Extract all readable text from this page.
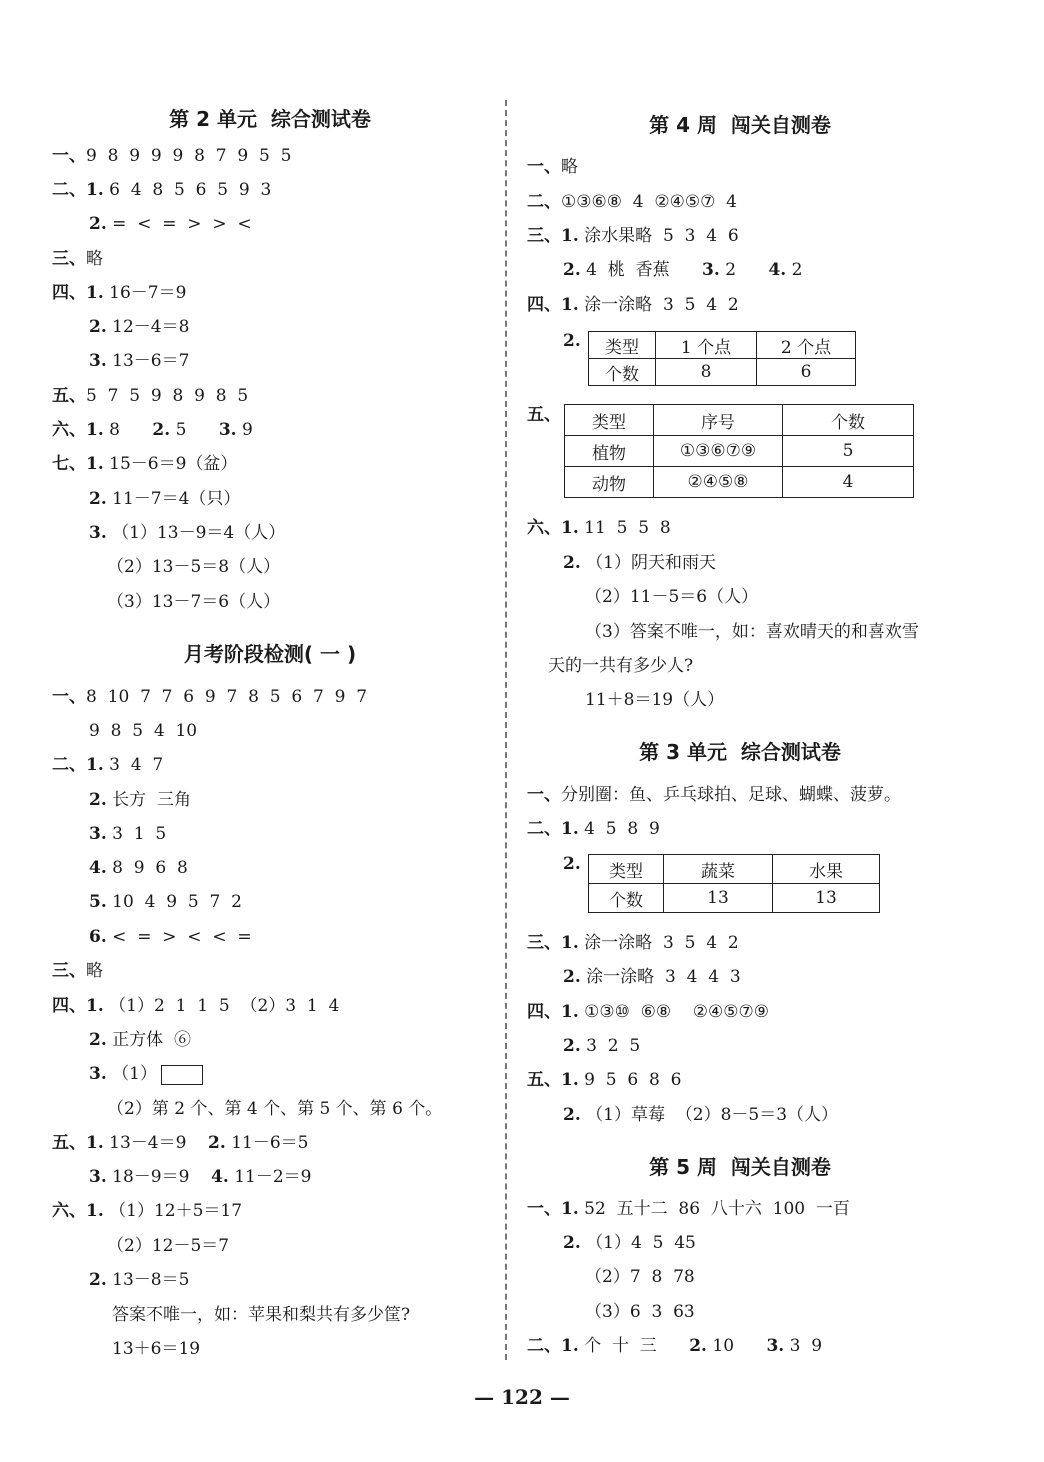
第 2 单元  综合测试卷
一、9  8  9  9  9  8  7  9  5  5
二、1. 6  4  8  5  6  5  9  3
2. =  <  =  >  >  <
三、略
四、1. 16－7＝9
2. 12－4＝8
3. 13－6＝7
五、5  7  5  9  8  9  8  5
六、1. 8 2. 5 3. 9
七、1. 15－6＝9（盆）
2. 11－7＝4（只）
3. （1）13－9＝4（人）
（2）13－5＝8（人）
（3）13－7＝6（人）
月考阶段检测( 一 )
一、8  10  7  7  6  9  7  8  5  6  7  9  7
9  8  5  4  10
二、1. 3  4  7
2. 长方  三角
3. 3  1  5
4. 8  9  6  8
5. 10  4  9  5  7  2
6. <  =  >  <  <  =
三、略
四、1. （1）2  1  1  5  （2）3  1  4
2. 正方体  ⑥
3. （1）
（2）第 2 个、第 4 个、第 5 个、第 6 个。
五、1. 13－4＝9 2. 11－6＝5
3. 18－9＝9 4. 11－2＝9
六、1. （1）12＋5＝17
（2）12－5＝7
2. 13－8＝5
答案不唯一，如：苹果和梨共有多少筐?
13＋6＝19
第 4 周  闯关自测卷
一、略
二、①③⑥⑧  4  ②④⑤⑦  4
三、1. 涂水果略  5  3  4  6
2. 4  桃  香蕉 3. 2 4. 2
四、1. 涂一涂略  3  5  4  2
2. 类型	1 个点	2 个点
个数	8	6
五、 类型	序号	个数
植物	①③⑥⑦⑨	5
动物	②④⑤⑧	4
六、1. 11  5  5  8
2. （1）阴天和雨天
（2）11－5＝6（人）
（3）答案不唯一，如：喜欢晴天的和喜欢雪
天的一共有多少人?
11＋8＝19（人）
第 3 单元  综合测试卷
一、分别圈：鱼、乒乓球拍、足球、蝴蝶、菠萝。
二、1. 4  5  8  9
2. 类型	蔬菜	水果
个数	13	13
三、1. 涂一涂略  3  5  4  2
2. 涂一涂略  3  4  4  3
四、1. ①③⑩  ⑥⑧    ②④⑤⑦⑨
2. 3  2  5
五、1. 9  5  6  8  6
2. （1）草莓  （2）8－5＝3（人）
第 5 周  闯关自测卷
一、1. 52  五十二  86  八十六  100  一百
2. （1）4  5  45
（2）7  8  78
（3）6  3  63
二、1. 个  十  三 2. 10 3. 3  9
— 122 —
